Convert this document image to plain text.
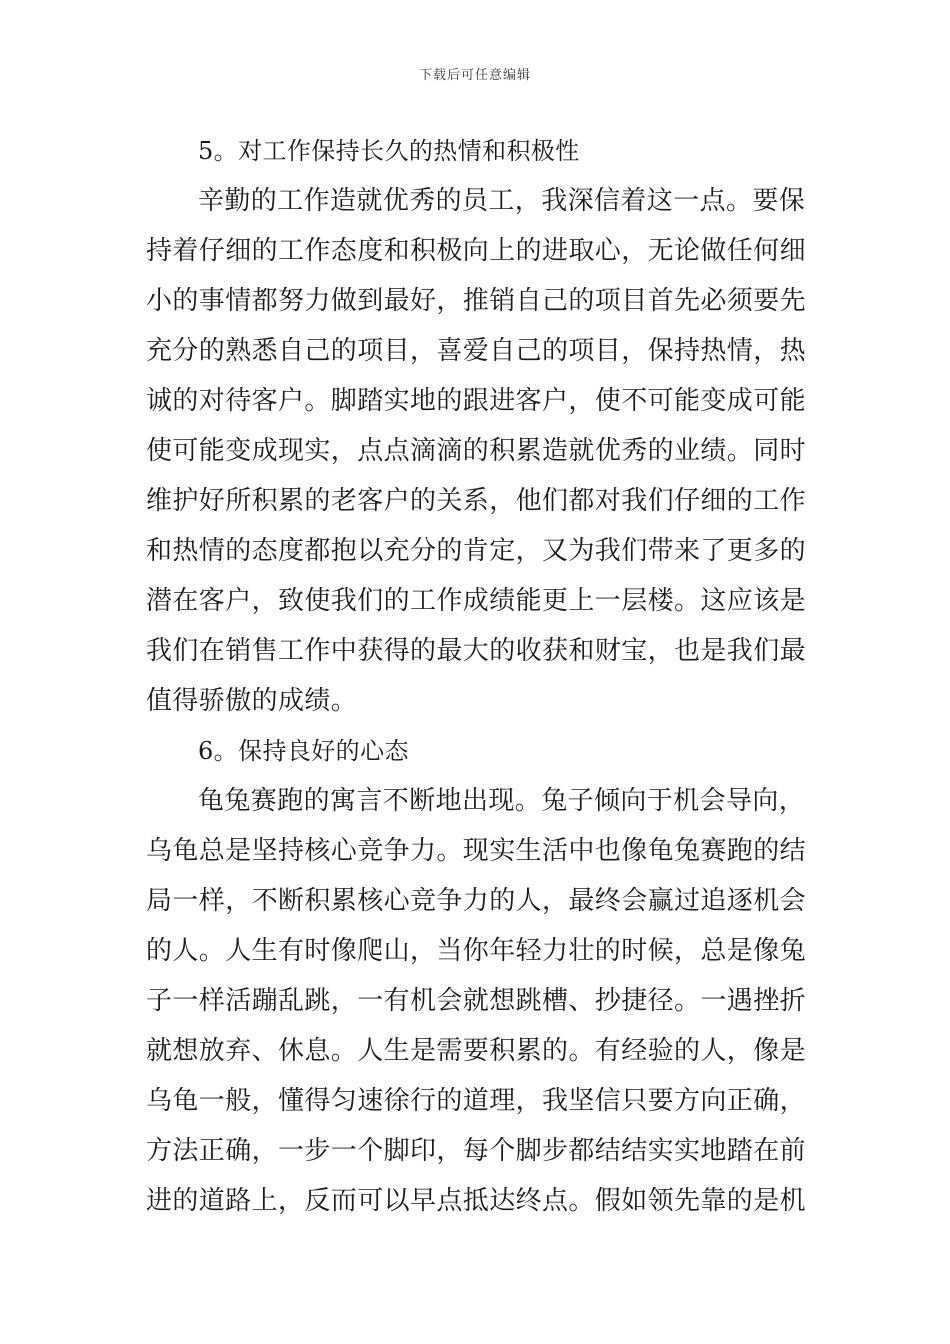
下载后可任意编辑
5。对工作保持长久的热情和积极性
辛勤的工作造就优秀的员工，我深信着这一点。要保
持着仔细的工作态度和积极向上的进取心，无论做任何细
小的事情都努力做到最好，推销自己的项目首先必须要先
充分的熟悉自己的项目，喜爱自己的项目，保持热情，热
诚的对待客户。脚踏实地的跟进客户，使不可能变成可能
使可能变成现实，点点滴滴的积累造就优秀的业绩。同时
维护好所积累的老客户的关系，他们都对我们仔细的工作
和热情的态度都抱以充分的肯定，又为我们带来了更多的
潜在客户，致使我们的工作成绩能更上一层楼。这应该是
我们在销售工作中获得的最大的收获和财宝，也是我们最
值得骄傲的成绩。
6。保持良好的心态
龟兔赛跑的寓言不断地出现。兔子倾向于机会导向，
乌龟总是坚持核心竞争力。现实生活中也像龟兔赛跑的结
局一样，不断积累核心竞争力的人，最终会赢过追逐机会
的人。人生有时像爬山，当你年轻力壮的时候，总是像兔
子一样活蹦乱跳，一有机会就想跳槽、抄捷径。一遇挫折
就想放弃、休息。人生是需要积累的。有经验的人，像是
乌龟一般，懂得匀速徐行的道理，我坚信只要方向正确，
方法正确，一步一个脚印，每个脚步都结结实实地踏在前
进的道路上，反而可以早点抵达终点。假如领先靠的是机
